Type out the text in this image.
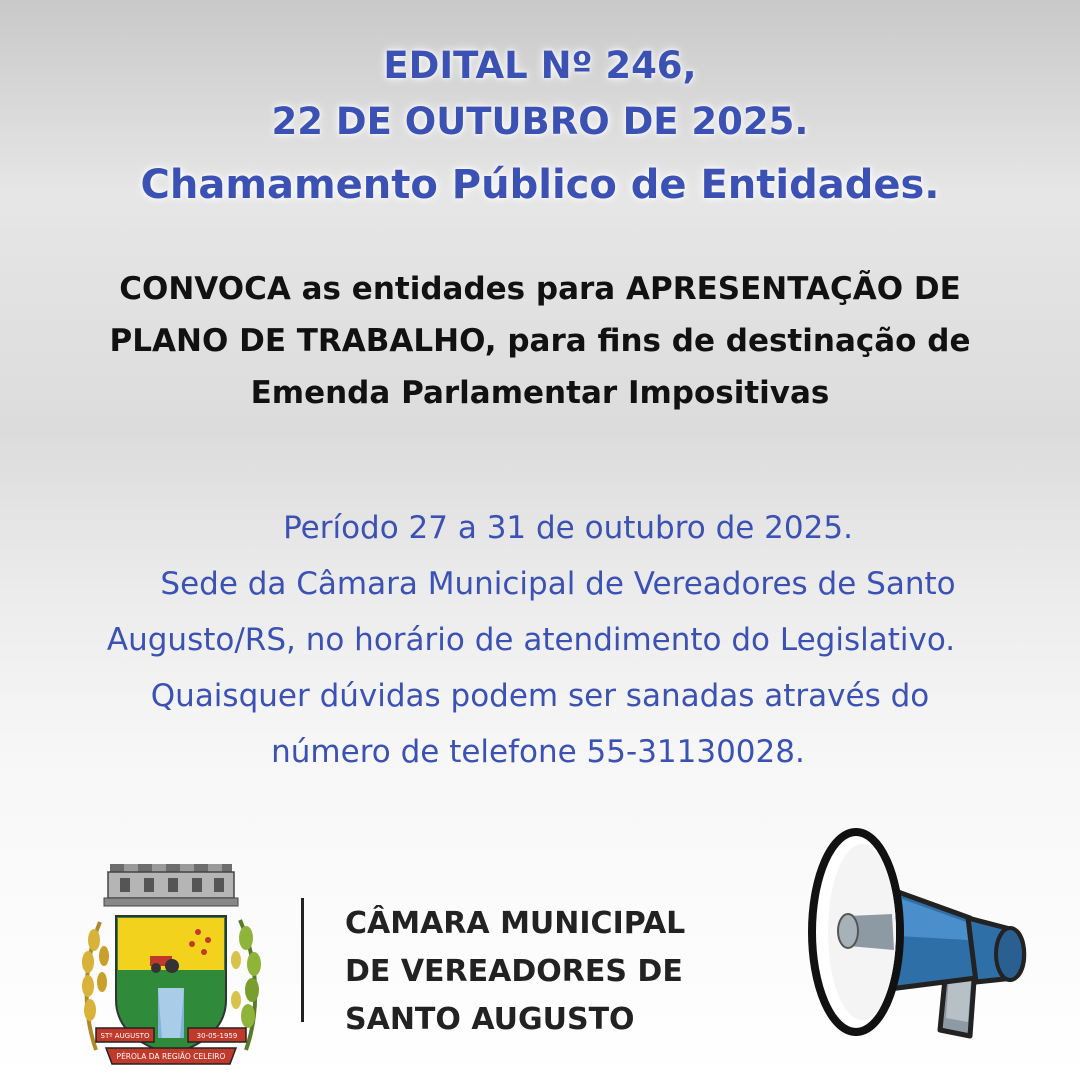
EDITAL Nº 246,
22 DE OUTUBRO DE 2025.
Chamamento Público de Entidades.
CONVOCA as entidades para APRESENTAÇÃO DE
PLANO DE TRABALHO, para fins de destinação de
Emenda Parlamentar Impositivas
Período 27 a 31 de outubro de 2025.
Sede da Câmara Municipal de Vereadores de Santo
Augusto/RS, no horário de atendimento do Legislativo.
Quaisquer dúvidas podem ser sanadas através do
número de telefone 55-31130028.
STº AUGUSTO	30-05-1959
PÉROLA DA REGIÃO CELEIRO
CÂMARA MUNICIPAL
DE VEREADORES DE
SANTO AUGUSTO
